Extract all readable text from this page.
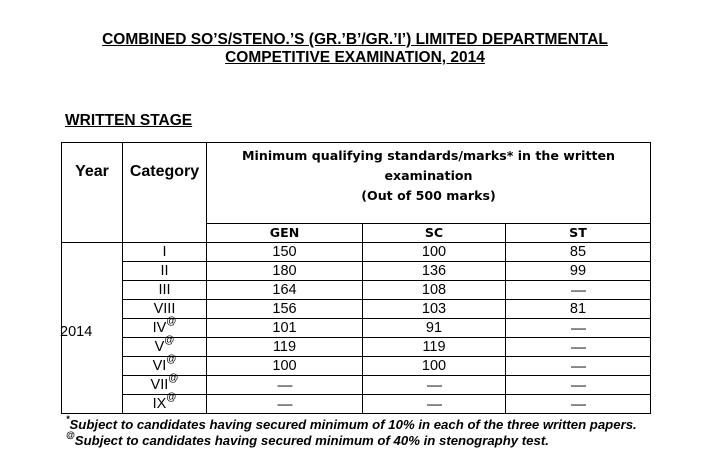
COMBINED SO’S/STENO.’S (GR.’B’/GR.’I’) LIMITED DEPARTMENTAL
COMPETITIVE EXAMINATION, 2014
WRITTEN STAGE
Year	Category	Minimum qualifying standards/marks* in the written
examination
(Out of 500 marks)		
		GEN	SC	ST
2014	I	150	100	85
	II	180	136	99
	III	164	108	-----
	VIII	156	103	81
	IV@	101	91	-----
	V@	119	119	-----
	VI@	100	100	-----
	VII@	-----	-----	-----
	IX@	-----	-----	-----
*Subject to candidates having secured minimum of 10% in each of the three written papers.
@Subject to candidates having secured minimum of 40% in stenography test.
